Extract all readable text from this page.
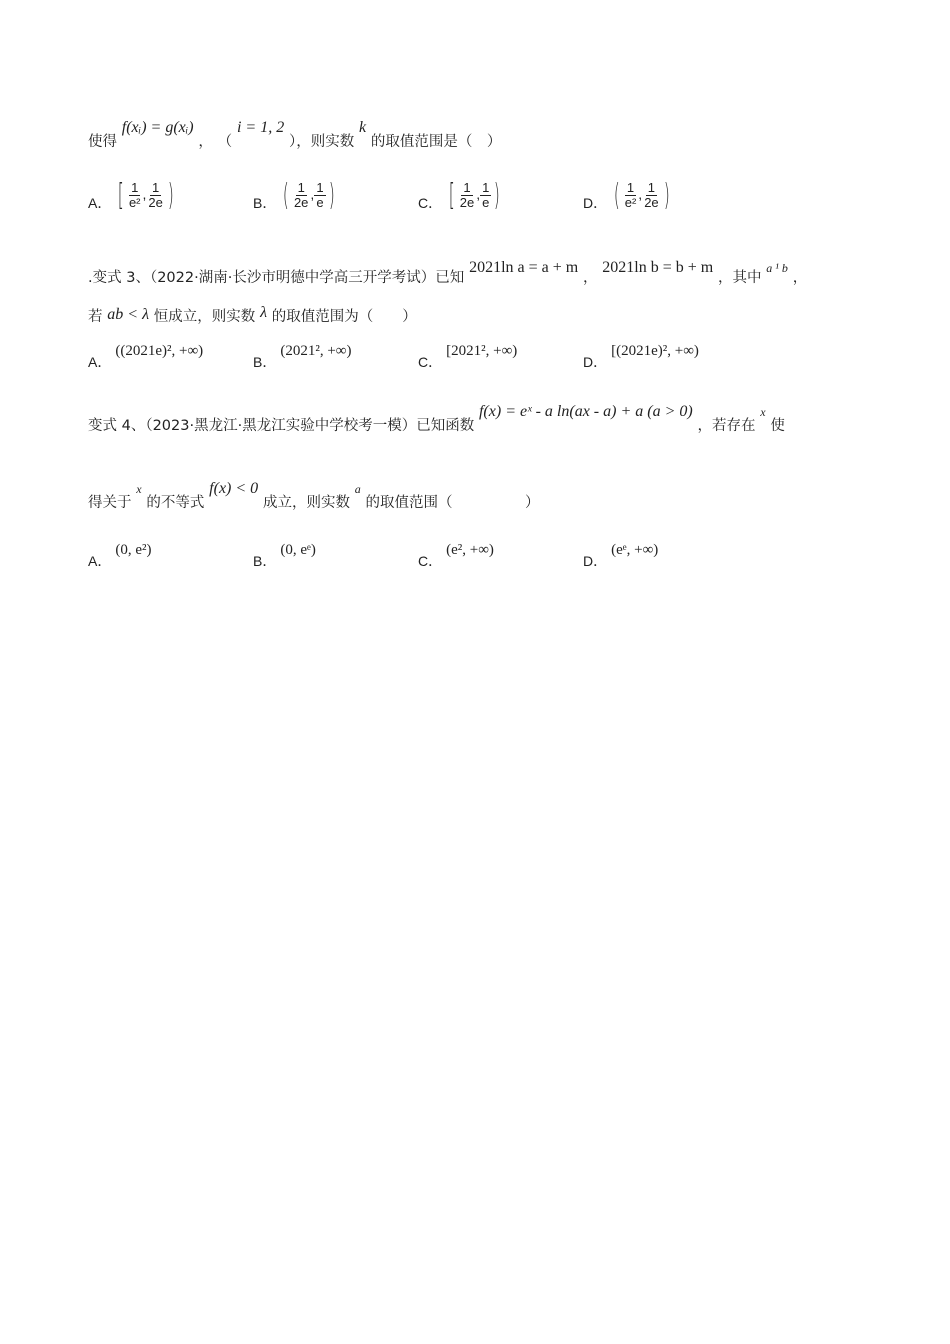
使得 f(xᵢ) = g(xᵢ) ， （ i = 1, 2 ），则实数 k 的取值范围是（　）
A． [ $\frac{1}{\text{e²}}$ , $\frac{1}{2e}$ )	B． ( $\frac{1}{2e}$ , $\frac{1}{e}$ )	C． [ $\frac{1}{2e}$ , $\frac{1}{e}$ )	D． ( $\frac{1}{\text{e²}}$ , $\frac{1}{2e}$ )
.变式 3、（2022·湖南·长沙市明德中学高三开学考试）已知 2021ln a = a + m ， 2021ln b = b + m ，其中 a ¹ b ，
若 ab < λ 恒成立，则实数 λ 的取值范围为（　　）
A．((2021e)², +∞)
B．(2021², +∞)
C．[2021², +∞)
D．[(2021e)², +∞)
变式 4、（2023·黑龙江·黑龙江实验中学校考一模）已知函数 f(x) = eˣ - a ln(ax - a) + a (a > 0) ，若存在 x 使
得关于 x 的不等式 f(x) < 0 成立，则实数 a 的取值范围（　　　　　）
A．(0, e²)
B．(0, eᵉ)
C．(e², +∞)
D．(eᵉ, +∞)
